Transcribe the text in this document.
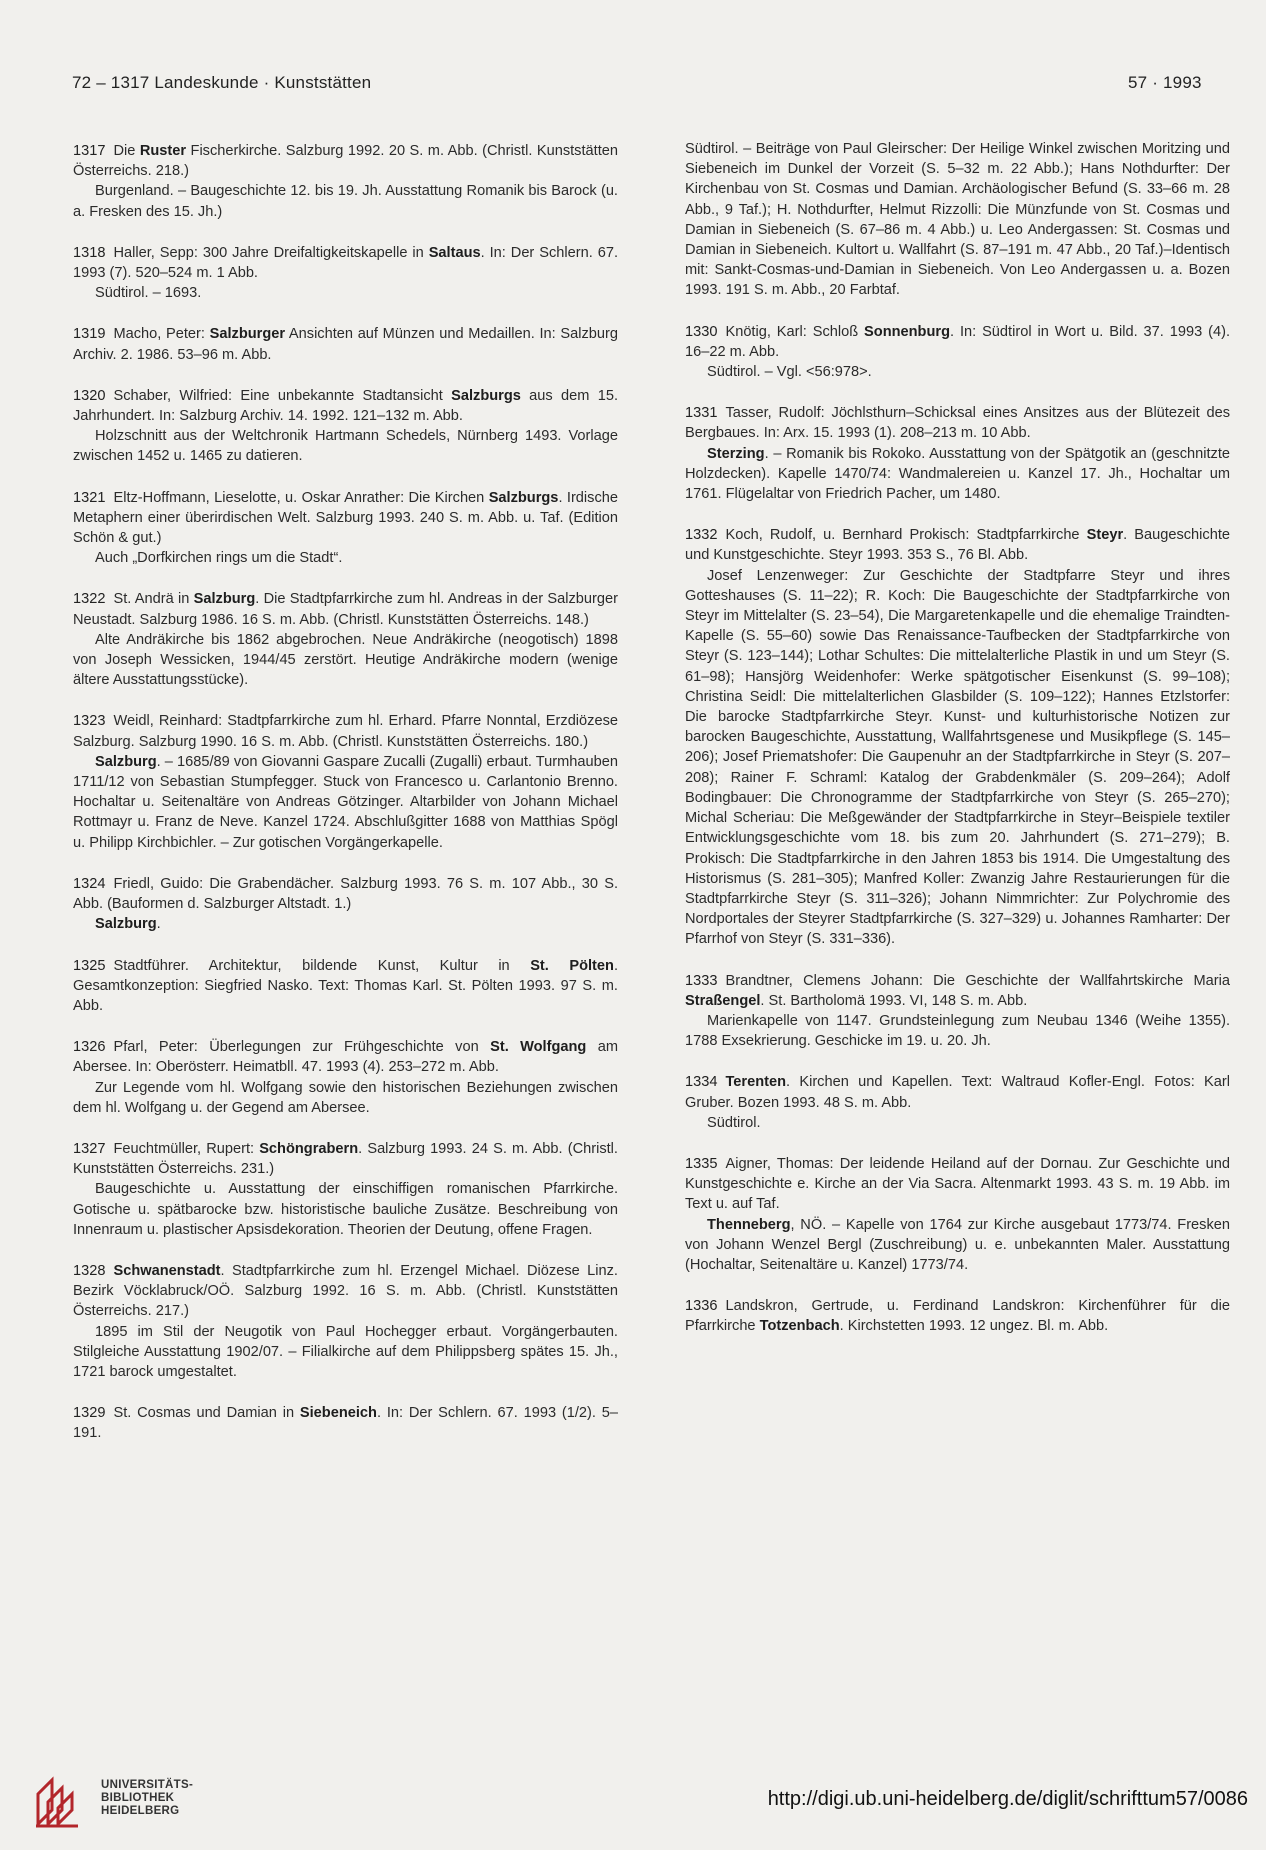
72 – 1317 Landeskunde · Kunststätten	57 · 1993

1317 Die Ruster Fischerkirche. Salzburg 1992. 20 S. m. Abb. (Christl. Kunststätten Österreichs. 218.)

Burgenland. – Baugeschichte 12. bis 19. Jh. Ausstattung Romanik bis Barock (u. a. Fresken des 15. Jh.)

1318 Haller, Sepp: 300 Jahre Dreifaltigkeitskapelle in Saltaus. In: Der Schlern. 67. 1993 (7). 520–524 m. 1 Abb.

Südtirol. – 1693.

1319 Macho, Peter: Salzburger Ansichten auf Münzen und Medaillen. In: Salzburg Archiv. 2. 1986. 53–96 m. Abb.

1320 Schaber, Wilfried: Eine unbekannte Stadtansicht Salzburgs aus dem 15. Jahrhundert. In: Salzburg Archiv. 14. 1992. 121–132 m. Abb.

Holzschnitt aus der Weltchronik Hartmann Schedels, Nürnberg 1493. Vorlage zwischen 1452 u. 1465 zu datieren.

1321 Eltz-Hoffmann, Lieselotte, u. Oskar Anrather: Die Kirchen Salzburgs. Irdische Metaphern einer überirdischen Welt. Salzburg 1993. 240 S. m. Abb. u. Taf. (Edition Schön & gut.)

Auch „Dorfkirchen rings um die Stadt“.

1322 St. Andrä in Salzburg. Die Stadtpfarrkirche zum hl. Andreas in der Salzburger Neustadt. Salzburg 1986. 16 S. m. Abb. (Christl. Kunststätten Österreichs. 148.)

Alte Andräkirche bis 1862 abgebrochen. Neue Andräkirche (neogotisch) 1898 von Joseph Wessicken, 1944/45 zerstört. Heutige Andräkirche modern (wenige ältere Ausstattungsstücke).

1323 Weidl, Reinhard: Stadtpfarrkirche zum hl. Erhard. Pfarre Nonntal, Erzdiözese Salzburg. Salzburg 1990. 16 S. m. Abb. (Christl. Kunststätten Österreichs. 180.)

Salzburg. – 1685/89 von Giovanni Gaspare Zucalli (Zugalli) erbaut. Turmhauben 1711/12 von Sebastian Stumpfegger. Stuck von Francesco u. Carlantonio Brenno. Hochaltar u. Seitenaltäre von Andreas Götzinger. Altarbilder von Johann Michael Rottmayr u. Franz de Neve. Kanzel 1724. Abschlußgitter 1688 von Matthias Spögl u. Philipp Kirchbichler. – Zur gotischen Vorgängerkapelle.

1324 Friedl, Guido: Die Grabendächer. Salzburg 1993. 76 S. m. 107 Abb., 30 S. Abb. (Bauformen d. Salzburger Altstadt. 1.)

Salzburg.

1325 Stadtführer. Architektur, bildende Kunst, Kultur in St. Pölten. Gesamtkonzeption: Siegfried Nasko. Text: Thomas Karl. St. Pölten 1993. 97 S. m. Abb.

1326 Pfarl, Peter: Überlegungen zur Frühgeschichte von St. Wolfgang am Abersee. In: Oberösterr. Heimatbll. 47. 1993 (4). 253–272 m. Abb.

Zur Legende vom hl. Wolfgang sowie den historischen Beziehungen zwischen dem hl. Wolfgang u. der Gegend am Abersee.

1327 Feuchtmüller, Rupert: Schöngrabern. Salzburg 1993. 24 S. m. Abb. (Christl. Kunststätten Österreichs. 231.)

Baugeschichte u. Ausstattung der einschiffigen romanischen Pfarrkirche. Gotische u. spätbarocke bzw. historistische bauliche Zusätze. Beschreibung von Innenraum u. plastischer Apsisdekoration. Theorien der Deutung, offene Fragen.

1328 Schwanenstadt. Stadtpfarrkirche zum hl. Erzengel Michael. Diözese Linz. Bezirk Vöcklabruck/OÖ. Salzburg 1992. 16 S. m. Abb. (Christl. Kunststätten Österreichs. 217.)

1895 im Stil der Neugotik von Paul Hochegger erbaut. Vorgängerbauten. Stilgleiche Ausstattung 1902/07. – Filialkirche auf dem Philippsberg spätes 15. Jh., 1721 barock umgestaltet.

1329 St. Cosmas und Damian in Siebeneich. In: Der Schlern. 67. 1993 (1/2). 5–191.

Südtirol. – Beiträge von Paul Gleirscher: Der Heilige Winkel zwischen Moritzing und Siebeneich im Dunkel der Vorzeit (S. 5–32 m. 22 Abb.); Hans Nothdurfter: Der Kirchenbau von St. Cosmas und Damian. Archäologischer Befund (S. 33–66 m. 28 Abb., 9 Taf.); H. Nothdurfter, Helmut Rizzolli: Die Münzfunde von St. Cosmas und Damian in Siebeneich (S. 67–86 m. 4 Abb.) u. Leo Andergassen: St. Cosmas und Damian in Siebeneich. Kultort u. Wallfahrt (S. 87–191 m. 47 Abb., 20 Taf.)–Identisch mit: Sankt-Cosmas-und-Damian in Siebeneich. Von Leo Andergassen u. a. Bozen 1993. 191 S. m. Abb., 20 Farbtaf.

1330 Knötig, Karl: Schloß Sonnenburg. In: Südtirol in Wort u. Bild. 37. 1993 (4). 16–22 m. Abb.

Südtirol. – Vgl. <56:978>.

1331 Tasser, Rudolf: Jöchlsthurn–Schicksal eines Ansitzes aus der Blütezeit des Bergbaues. In: Arx. 15. 1993 (1). 208–213 m. 10 Abb.

Sterzing. – Romanik bis Rokoko. Ausstattung von der Spätgotik an (geschnitzte Holzdecken). Kapelle 1470/74: Wandmalereien u. Kanzel 17. Jh., Hochaltar um 1761. Flügelaltar von Friedrich Pacher, um 1480.

1332 Koch, Rudolf, u. Bernhard Prokisch: Stadtpfarrkirche Steyr. Baugeschichte und Kunstgeschichte. Steyr 1993. 353 S., 76 Bl. Abb.

Josef Lenzenweger: Zur Geschichte der Stadtpfarre Steyr und ihres Gotteshauses (S. 11–22); R. Koch: Die Baugeschichte der Stadtpfarrkirche von Steyr im Mittelalter (S. 23–54), Die Margaretenkapelle und die ehemalige Traindten-Kapelle (S. 55–60) sowie Das Renaissance-Taufbecken der Stadtpfarrkirche von Steyr (S. 123–144); Lothar Schultes: Die mittelalterliche Plastik in und um Steyr (S. 61–98); Hansjörg Weidenhofer: Werke spätgotischer Eisenkunst (S. 99–108); Christina Seidl: Die mittelalterlichen Glasbilder (S. 109–122); Hannes Etzlstorfer: Die barocke Stadtpfarrkirche Steyr. Kunst- und kulturhistorische Notizen zur barocken Baugeschichte, Ausstattung, Wallfahrtsgenese und Musikpflege (S. 145–206); Josef Priematshofer: Die Gaupenuhr an der Stadtpfarrkirche in Steyr (S. 207–208); Rainer F. Schraml: Katalog der Grabdenkmäler (S. 209–264); Adolf Bodingbauer: Die Chronogramme der Stadtpfarrkirche von Steyr (S. 265–270); Michal Scheriau: Die Meßgewänder der Stadtpfarrkirche in Steyr–Beispiele textiler Entwicklungsgeschichte vom 18. bis zum 20. Jahrhundert (S. 271–279); B. Prokisch: Die Stadtpfarrkirche in den Jahren 1853 bis 1914. Die Umgestaltung des Historismus (S. 281–305); Manfred Koller: Zwanzig Jahre Restaurierungen für die Stadtpfarrkirche Steyr (S. 311–326); Johann Nimmrichter: Zur Polychromie des Nordportales der Steyrer Stadtpfarrkirche (S. 327–329) u. Johannes Ramharter: Der Pfarrhof von Steyr (S. 331–336).

1333 Brandtner, Clemens Johann: Die Geschichte der Wallfahrtskirche Maria Straßengel. St. Bartholomä 1993. VI, 148 S. m. Abb.

Marienkapelle von 1147. Grundsteinlegung zum Neubau 1346 (Weihe 1355). 1788 Exsekrierung. Geschicke im 19. u. 20. Jh.

1334 Terenten. Kirchen und Kapellen. Text: Waltraud Kofler-Engl. Fotos: Karl Gruber. Bozen 1993. 48 S. m. Abb.

Südtirol.

1335 Aigner, Thomas: Der leidende Heiland auf der Dornau. Zur Geschichte und Kunstgeschichte e. Kirche an der Via Sacra. Altenmarkt 1993. 43 S. m. 19 Abb. im Text u. auf Taf.

Thenneberg, NÖ. – Kapelle von 1764 zur Kirche ausgebaut 1773/74. Fresken von Johann Wenzel Bergl (Zuschreibung) u. e. unbekannten Maler. Ausstattung (Hochaltar, Seitenaltäre u. Kanzel) 1773/74.

1336 Landskron, Gertrude, u. Ferdinand Landskron: Kirchenführer für die Pfarrkirche Totzenbach. Kirchstetten 1993. 12 ungez. Bl. m. Abb.

UNIVERSITÄTS-
BIBLIOTHEK
HEIDELBERG
http://digi.ub.uni-heidelberg.de/diglit/schrifttum57/0086
